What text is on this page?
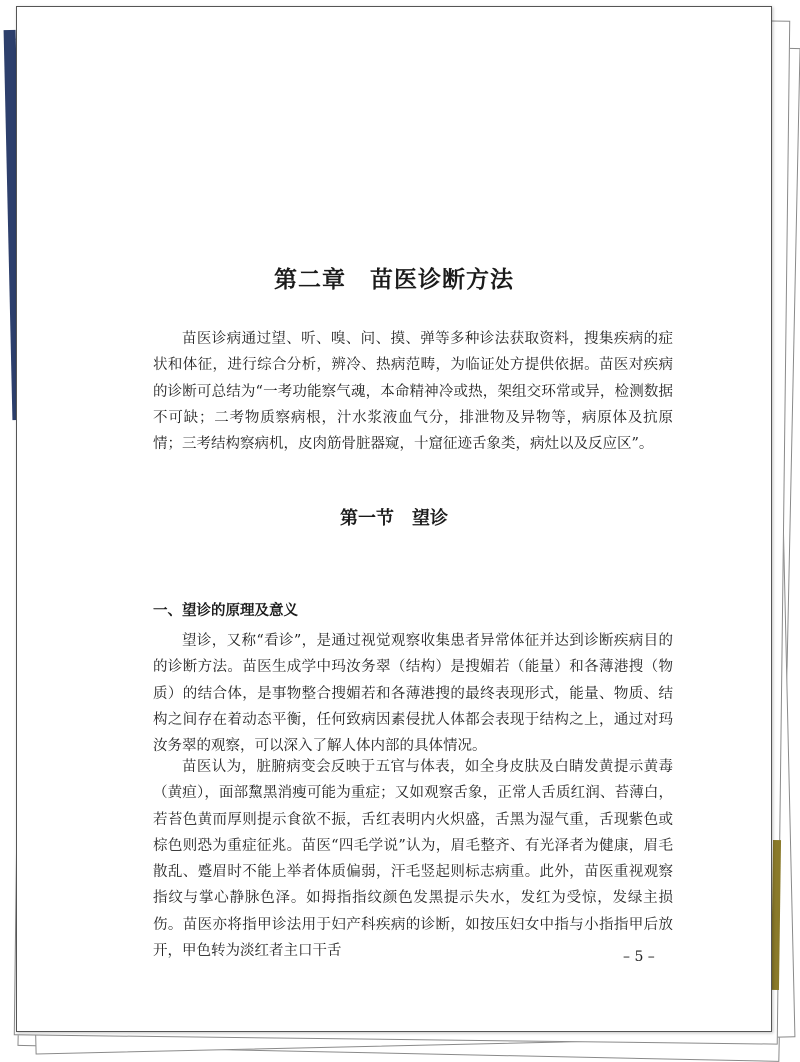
第二章　苗医诊断方法

苗医诊病通过望、听、嗅、问、摸、弹等多种诊法获取资料，搜集疾病的症状和体征，进行综合分析，辨冷、热病范畴，为临证处方提供依据。苗医对疾病的诊断可总结为“一考功能察气魂，本命精神冷或热，架组交环常或异，检测数据不可缺；二考物质察病根，汁水浆液血气分，排泄物及异物等，病原体及抗原情；三考结构察病机，皮肉筋骨脏器窥，十窟征迹舌象类，病灶以及反应区”。

第一节　望诊
一、望诊的原理及意义

望诊，又称“看诊”，是通过视觉观察收集患者异常体征并达到诊断疾病目的的诊断方法。苗医生成学中玛汝务翠（结构）是搜媚若（能量）和各薄港搜（物质）的结合体，是事物整合搜媚若和各薄港搜的最终表现形式，能量、物质、结构之间存在着动态平衡，任何致病因素侵扰人体都会表现于结构之上，通过对玛汝务翠的观察，可以深入了解人体内部的具体情况。

苗医认为，脏腑病变会反映于五官与体表，如全身皮肤及白睛发黄提示黄毒（黄疸），面部黧黑消瘦可能为重症；又如观察舌象，正常人舌质红润、苔薄白，若苔色黄而厚则提示食欲不振，舌红表明内火炽盛，舌黑为湿气重，舌现紫色或棕色则恐为重症征兆。苗医“四毛学说”认为，眉毛整齐、有光泽者为健康，眉毛散乱、蹙眉时不能上举者体质偏弱，汗毛竖起则标志病重。此外，苗医重视观察指纹与掌心静脉色泽。如拇指指纹颜色发黑提示失水，发红为受惊，发绿主损伤。苗医亦将指甲诊法用于妇产科疾病的诊断，如按压妇女中指与小指指甲后放开，甲色转为淡红者主口干舌	– 5 –
